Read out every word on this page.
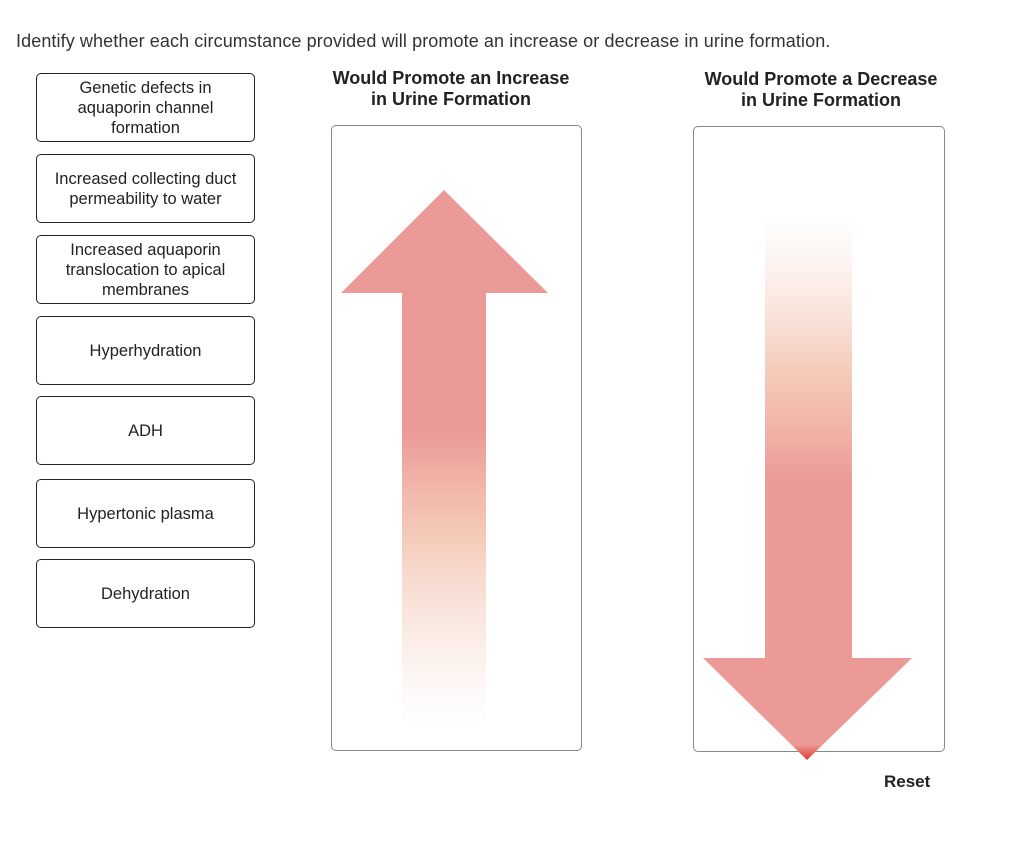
Identify whether each circumstance provided will promote an increase or decrease in urine formation.
Genetic defects in aquaporin channel formation
Increased collecting duct permeability to water
Increased aquaporin translocation to apical membranes
Hyperhydration
ADH
Hypertonic plasma
Dehydration
Would Promote an Increase
in Urine Formation
Would Promote a Decrease
in Urine Formation
Reset
